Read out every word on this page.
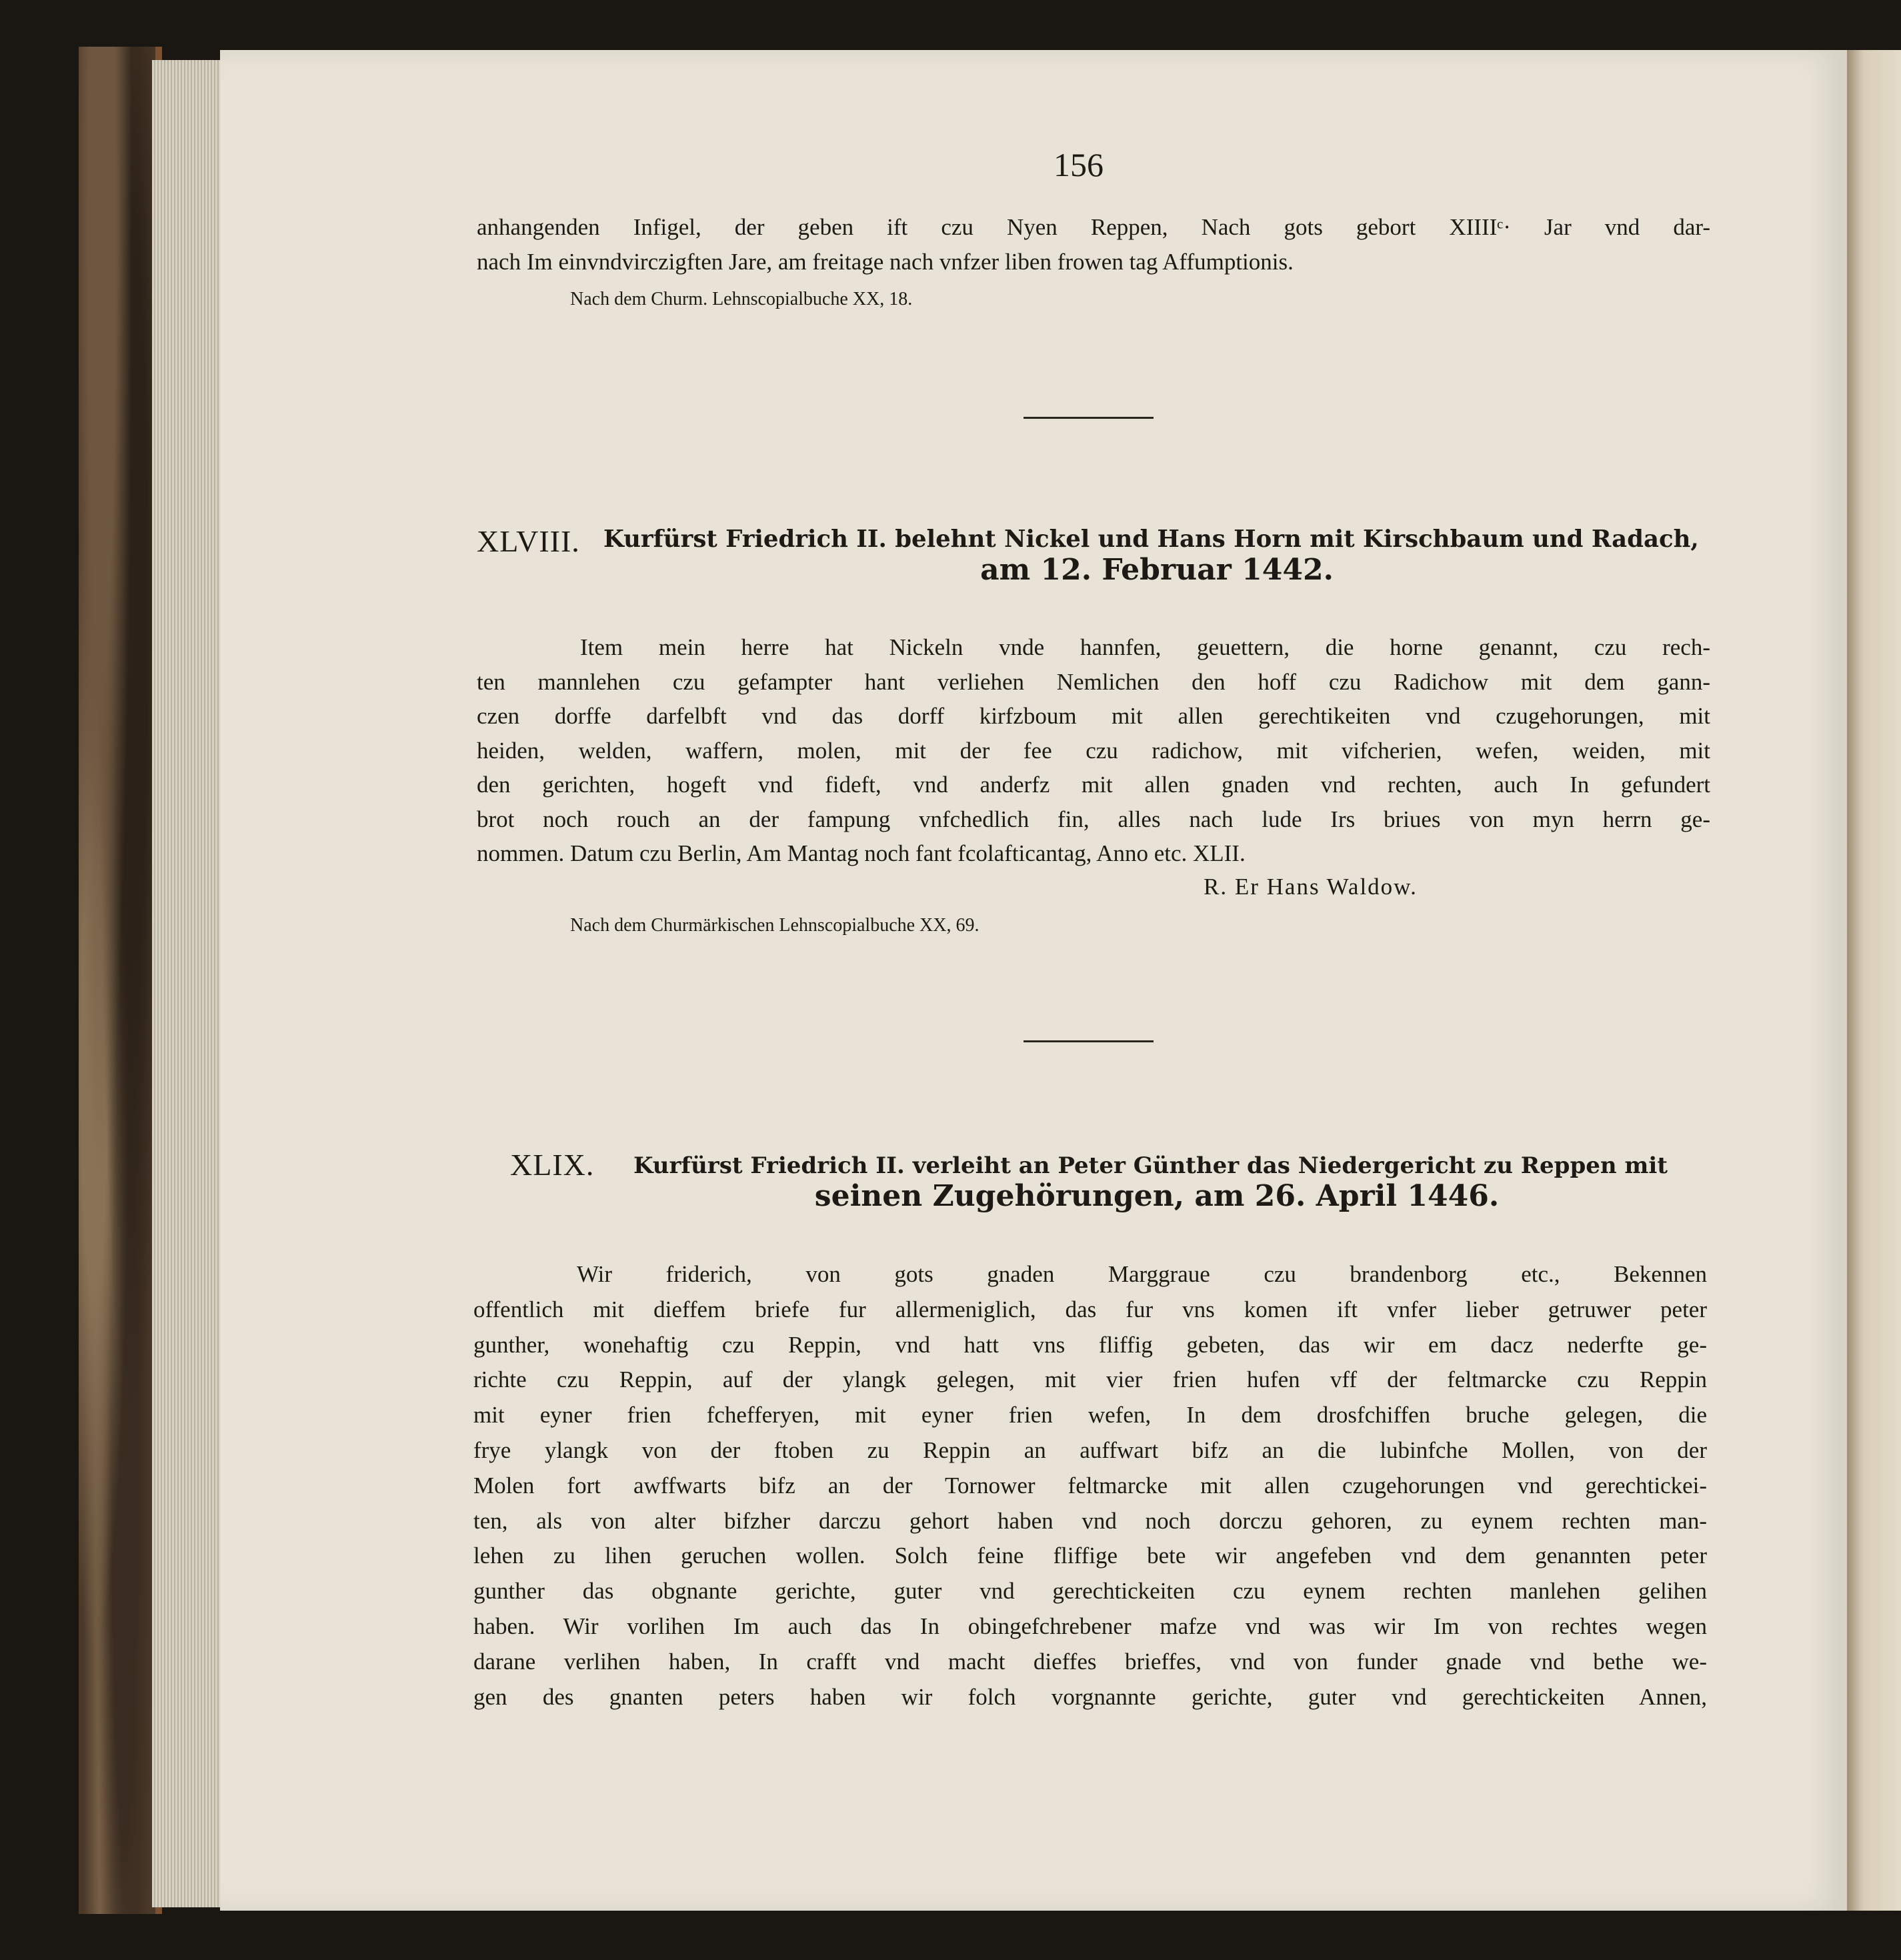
156
anhangenden Infigel, der geben ift czu Nyen Reppen, Nach gots gebort XIIIIᶜ· Jar vnd dar-
nach Im einvndvirczigften Jare, am freitage nach vnfzer liben frowen tag Affumptionis.
Nach dem Churm. Lehnscopialbuche XX, 18.
XLVIII. Kurfürst Friedrich II. belehnt Nickel und Hans Horn mit Kirschbaum und Radach,
am 12. Februar 1442.
Item mein herre hat Nickeln vnde hannfen, geuettern, die horne genannt, czu rech-
ten mannlehen czu gefampter hant verliehen Nemlichen den hoff czu Radichow mit dem gann-
czen dorffe darfelbft vnd das dorff kirfzboum mit allen gerechtikeiten vnd czugehorungen, mit
heiden, welden, waffern, molen, mit der fee czu radichow, mit vifcherien, wefen, weiden, mit
den gerichten, hogeft vnd fideft, vnd anderfz mit allen gnaden vnd rechten, auch In gefundert
brot noch rouch an der fampung vnfchedlich fin, alles nach lude Irs briues von myn herrn ge-
nommen. Datum czu Berlin, Am Mantag noch fant fcolafticantag, Anno etc. XLII.
R. Er Hans Waldow.
Nach dem Churmärkischen Lehnscopialbuche XX, 69.
XLIX. Kurfürst Friedrich II. verleiht an Peter Günther das Niedergericht zu Reppen mit
seinen Zugehörungen, am 26. April 1446.
Wir friderich, von gots gnaden Marggraue czu brandenborg etc., Bekennen
offentlich mit dieffem briefe fur allermeniglich, das fur vns komen ift vnfer lieber getruwer peter
gunther, wonehaftig czu Reppin, vnd hatt vns fliffig gebeten, das wir em dacz nederfte ge-
richte czu Reppin, auf der ylangk gelegen, mit vier frien hufen vff der feltmarcke czu Reppin
mit eyner frien fchefferyen, mit eyner frien wefen, In dem drosfchiffen bruche gelegen, die
frye ylangk von der ftoben zu Reppin an auffwart bifz an die lubinfche Mollen, von der
Molen fort awffwarts bifz an der Tornower feltmarcke mit allen czugehorungen vnd gerechtickei-
ten, als von alter bifzher darczu gehort haben vnd noch dorczu gehoren, zu eynem rechten man-
lehen zu lihen geruchen wollen. Solch feine fliffige bete wir angefeben vnd dem genannten peter
gunther das obgnante gerichte, guter vnd gerechtickeiten czu eynem rechten manlehen gelihen
haben. Wir vorlihen Im auch das In obingefchrebener mafze vnd was wir Im von rechtes wegen
darane verlihen haben, In crafft vnd macht dieffes brieffes, vnd von funder gnade vnd bethe we-
gen des gnanten peters haben wir folch vorgnannte gerichte, guter vnd gerechtickeiten Annen,
